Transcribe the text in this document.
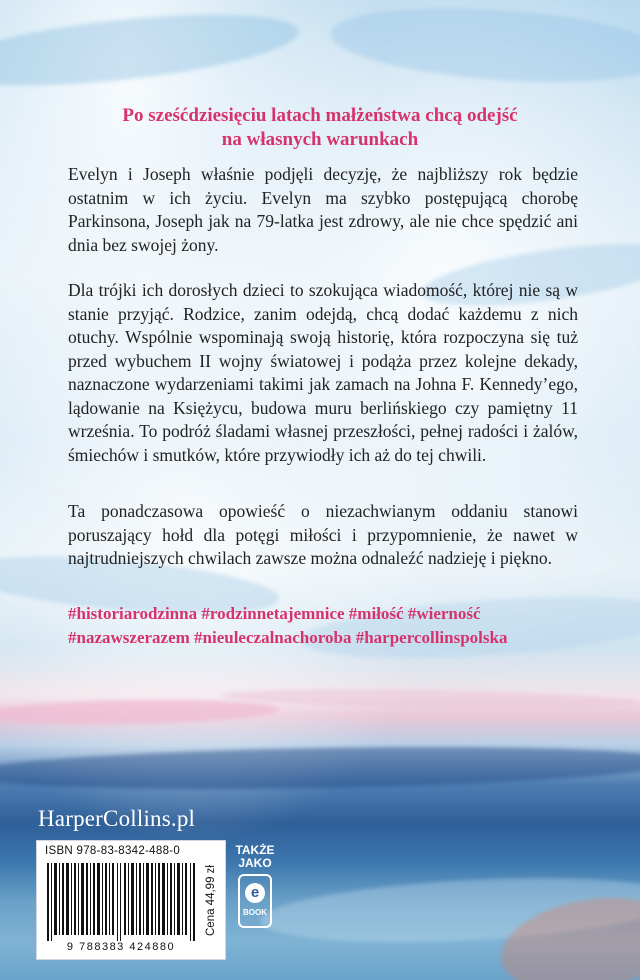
Po sześćdziesięciu latach małżeństwa chcą odejść
na własnych warunkach

Evelyn i Joseph właśnie podjęli decyzję, że najbliższy rok będzie ostatnim w ich życiu. Evelyn ma szybko postępującą chorobę Parkinsona, Joseph jak na 79-latka jest zdrowy, ale nie chce spędzić ani dnia bez swojej żony.

Dla trójki ich dorosłych dzieci to szokująca wiadomość, której nie są w stanie przyjąć. Rodzice, zanim odejdą, chcą dodać każdemu z nich otuchy. Wspólnie wspominają swoją historię, która rozpoczyna się tuż przed wybuchem II wojny światowej i podąża przez kolejne dekady, naznaczone wydarzeniami takimi jak zamach na Johna F. Kennedy’ego, lądowanie na Księżycu, budowa muru berlińskiego czy pamiętny 11 września. To podróż śladami własnej przeszłości, pełnej radości i żalów, śmiechów i smutków, które przywiodły ich aż do tej chwili.

Ta ponadczasowa opowieść o niezachwianym oddaniu stanowi poruszający hołd dla potęgi miłości i przypomnienie, że nawet w najtrudniejszych chwilach zawsze można odnaleźć nadzieję i piękno.

#historiarodzinna #rodzinnetajemnice #miłość #wierność
#nazawszerazem #nieuleczalnachoroba #harpercollinspolska

HarperCollins.pl
ISBN 978-83-8342-488-0
9 788383 424880
Cena 44,99 zł
TAKŻE
JAKO
e
BOOK
